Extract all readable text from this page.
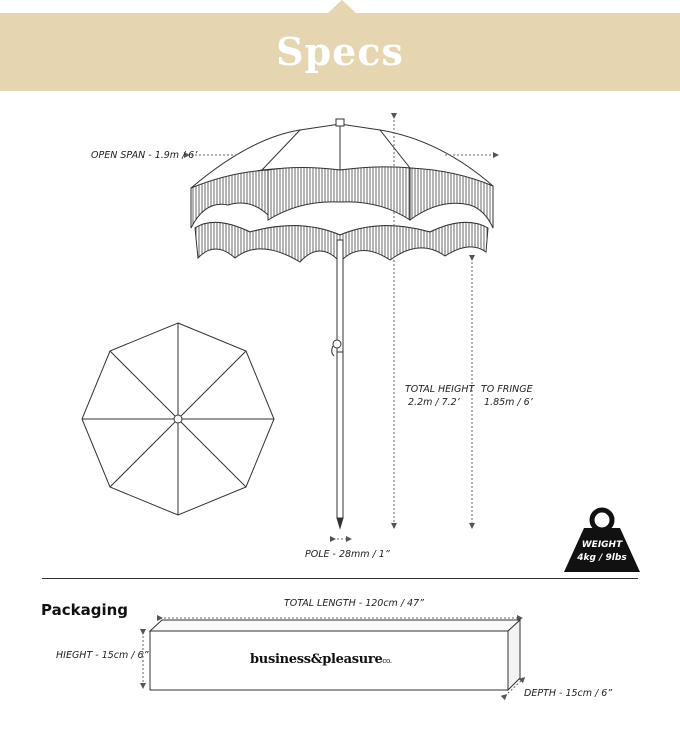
Specs
OPEN SPAN - 1.9m / 6’
TOTAL HEIGHT
2.2m / 7.2’
TO FRINGE
1.85m / 6’
POLE - 28mm / 1”
WEIGHT
4kg / 9lbs
Packaging	TOTAL LENGTH - 120cm / 47”
HIEGHT - 15cm / 6”
DEPTH - 15cm / 6”
business&pleasureco.
